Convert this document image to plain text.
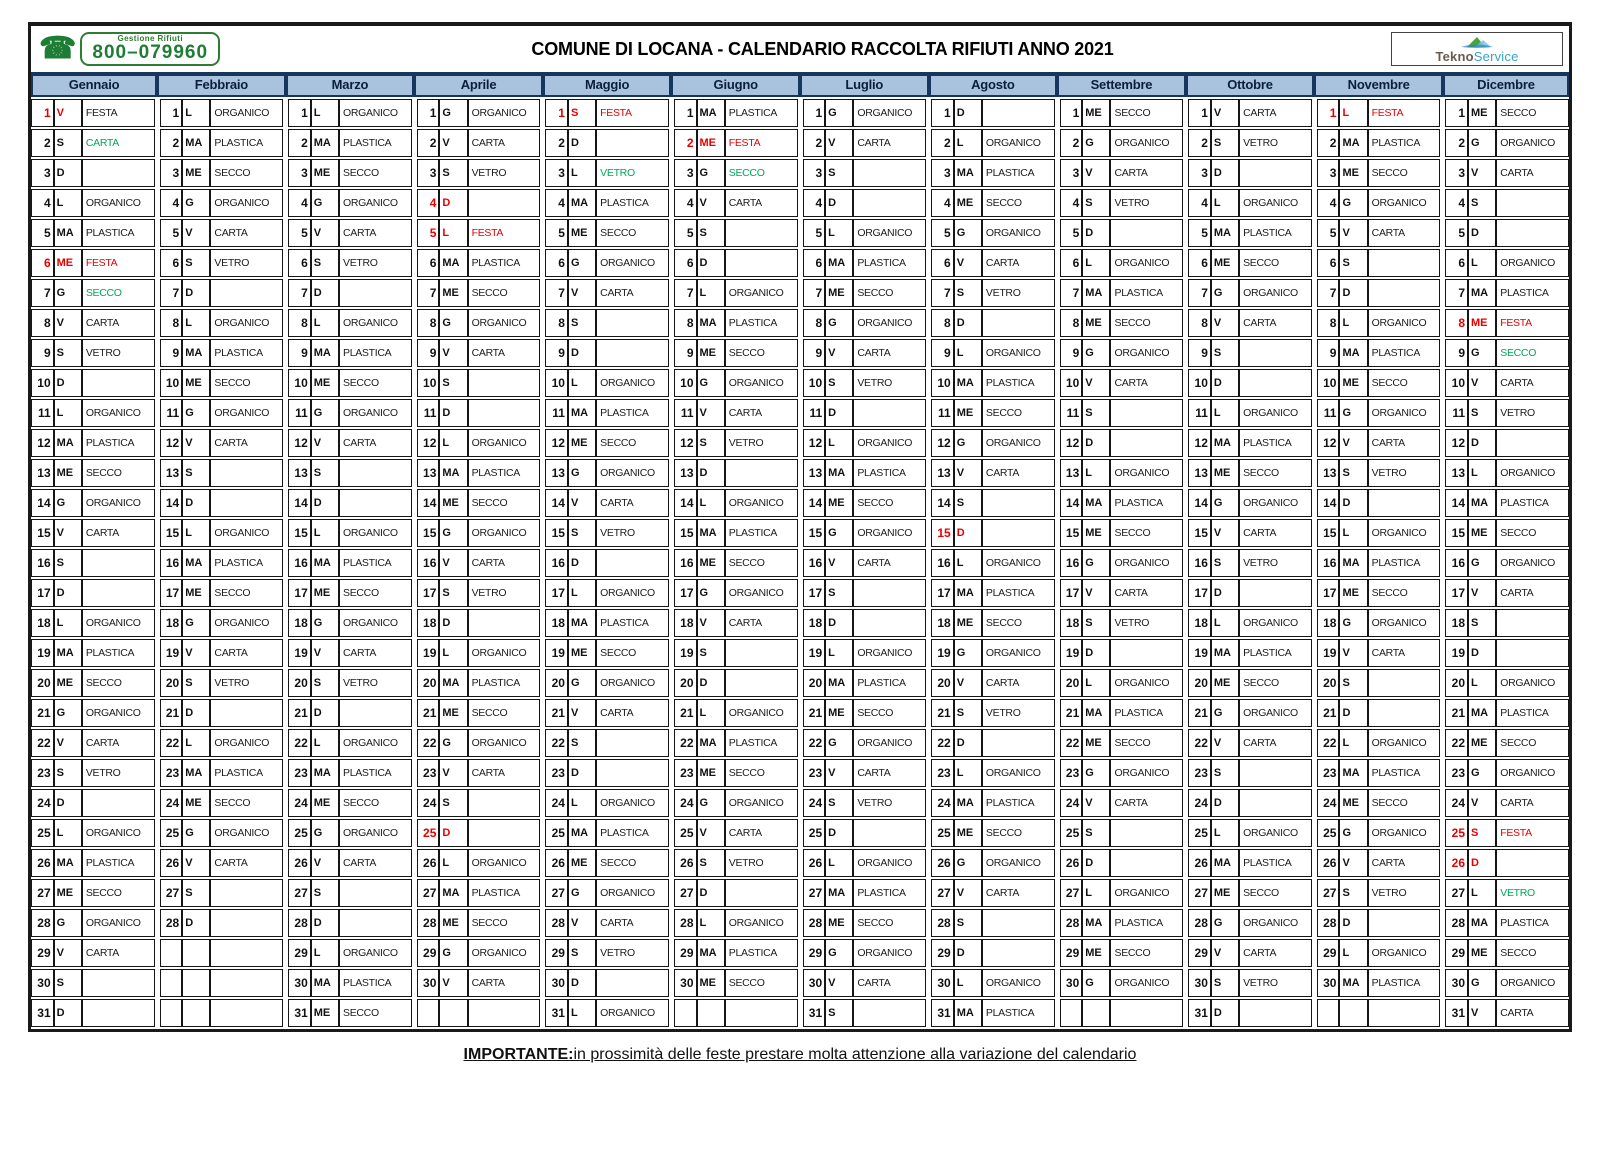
☎	Gestione Rifiuti
800–079960	COMUNE DI LOCANA - CALENDARIO RACCOLTA RIFIUTI ANNO 2021	TeknoService
Gennaio
1	V	FESTA
2	S	CARTA
3	D	
4	L	ORGANICO
5	MA	PLASTICA
6	ME	FESTA
7	G	SECCO
8	V	CARTA
9	S	VETRO
10	D	
11	L	ORGANICO
12	MA	PLASTICA
13	ME	SECCO
14	G	ORGANICO
15	V	CARTA
16	S	
17	D	
18	L	ORGANICO
19	MA	PLASTICA
20	ME	SECCO
21	G	ORGANICO
22	V	CARTA
23	S	VETRO
24	D	
25	L	ORGANICO
26	MA	PLASTICA
27	ME	SECCO
28	G	ORGANICO
29	V	CARTA
30	S	
31	D	
Febbraio
1	L	ORGANICO
2	MA	PLASTICA
3	ME	SECCO
4	G	ORGANICO
5	V	CARTA
6	S	VETRO
7	D	
8	L	ORGANICO
9	MA	PLASTICA
10	ME	SECCO
11	G	ORGANICO
12	V	CARTA
13	S	
14	D	
15	L	ORGANICO
16	MA	PLASTICA
17	ME	SECCO
18	G	ORGANICO
19	V	CARTA
20	S	VETRO
21	D	
22	L	ORGANICO
23	MA	PLASTICA
24	ME	SECCO
25	G	ORGANICO
26	V	CARTA
27	S	
28	D	

Marzo
1	L	ORGANICO
2	MA	PLASTICA
3	ME	SECCO
4	G	ORGANICO
5	V	CARTA
6	S	VETRO
7	D	
8	L	ORGANICO
9	MA	PLASTICA
10	ME	SECCO
11	G	ORGANICO
12	V	CARTA
13	S	
14	D	
15	L	ORGANICO
16	MA	PLASTICA
17	ME	SECCO
18	G	ORGANICO
19	V	CARTA
20	S	VETRO
21	D	
22	L	ORGANICO
23	MA	PLASTICA
24	ME	SECCO
25	G	ORGANICO
26	V	CARTA
27	S	
28	D	
29	L	ORGANICO
30	MA	PLASTICA
31	ME	SECCO
Aprile
1	G	ORGANICO
2	V	CARTA
3	S	VETRO
4	D	
5	L	FESTA
6	MA	PLASTICA
7	ME	SECCO
8	G	ORGANICO
9	V	CARTA
10	S	
11	D	
12	L	ORGANICO
13	MA	PLASTICA
14	ME	SECCO
15	G	ORGANICO
16	V	CARTA
17	S	VETRO
18	D	
19	L	ORGANICO
20	MA	PLASTICA
21	ME	SECCO
22	G	ORGANICO
23	V	CARTA
24	S	
25	D	
26	L	ORGANICO
27	MA	PLASTICA
28	ME	SECCO
29	G	ORGANICO
30	V	CARTA

Maggio
1	S	FESTA
2	D	
3	L	VETRO
4	MA	PLASTICA
5	ME	SECCO
6	G	ORGANICO
7	V	CARTA
8	S	
9	D	
10	L	ORGANICO
11	MA	PLASTICA
12	ME	SECCO
13	G	ORGANICO
14	V	CARTA
15	S	VETRO
16	D	
17	L	ORGANICO
18	MA	PLASTICA
19	ME	SECCO
20	G	ORGANICO
21	V	CARTA
22	S	
23	D	
24	L	ORGANICO
25	MA	PLASTICA
26	ME	SECCO
27	G	ORGANICO
28	V	CARTA
29	S	VETRO
30	D	
31	L	ORGANICO
Giugno
1	MA	PLASTICA
2	ME	FESTA
3	G	SECCO
4	V	CARTA
5	S	
6	D	
7	L	ORGANICO
8	MA	PLASTICA
9	ME	SECCO
10	G	ORGANICO
11	V	CARTA
12	S	VETRO
13	D	
14	L	ORGANICO
15	MA	PLASTICA
16	ME	SECCO
17	G	ORGANICO
18	V	CARTA
19	S	
20	D	
21	L	ORGANICO
22	MA	PLASTICA
23	ME	SECCO
24	G	ORGANICO
25	V	CARTA
26	S	VETRO
27	D	
28	L	ORGANICO
29	MA	PLASTICA
30	ME	SECCO

Luglio
1	G	ORGANICO
2	V	CARTA
3	S	
4	D	
5	L	ORGANICO
6	MA	PLASTICA
7	ME	SECCO
8	G	ORGANICO
9	V	CARTA
10	S	VETRO
11	D	
12	L	ORGANICO
13	MA	PLASTICA
14	ME	SECCO
15	G	ORGANICO
16	V	CARTA
17	S	
18	D	
19	L	ORGANICO
20	MA	PLASTICA
21	ME	SECCO
22	G	ORGANICO
23	V	CARTA
24	S	VETRO
25	D	
26	L	ORGANICO
27	MA	PLASTICA
28	ME	SECCO
29	G	ORGANICO
30	V	CARTA
31	S	
Agosto
1	D	
2	L	ORGANICO
3	MA	PLASTICA
4	ME	SECCO
5	G	ORGANICO
6	V	CARTA
7	S	VETRO
8	D	
9	L	ORGANICO
10	MA	PLASTICA
11	ME	SECCO
12	G	ORGANICO
13	V	CARTA
14	S	
15	D	
16	L	ORGANICO
17	MA	PLASTICA
18	ME	SECCO
19	G	ORGANICO
20	V	CARTA
21	S	VETRO
22	D	
23	L	ORGANICO
24	MA	PLASTICA
25	ME	SECCO
26	G	ORGANICO
27	V	CARTA
28	S	
29	D	
30	L	ORGANICO
31	MA	PLASTICA
Settembre
1	ME	SECCO
2	G	ORGANICO
3	V	CARTA
4	S	VETRO
5	D	
6	L	ORGANICO
7	MA	PLASTICA
8	ME	SECCO
9	G	ORGANICO
10	V	CARTA
11	S	
12	D	
13	L	ORGANICO
14	MA	PLASTICA
15	ME	SECCO
16	G	ORGANICO
17	V	CARTA
18	S	VETRO
19	D	
20	L	ORGANICO
21	MA	PLASTICA
22	ME	SECCO
23	G	ORGANICO
24	V	CARTA
25	S	
26	D	
27	L	ORGANICO
28	MA	PLASTICA
29	ME	SECCO
30	G	ORGANICO

Ottobre
1	V	CARTA
2	S	VETRO
3	D	
4	L	ORGANICO
5	MA	PLASTICA
6	ME	SECCO
7	G	ORGANICO
8	V	CARTA
9	S	
10	D	
11	L	ORGANICO
12	MA	PLASTICA
13	ME	SECCO
14	G	ORGANICO
15	V	CARTA
16	S	VETRO
17	D	
18	L	ORGANICO
19	MA	PLASTICA
20	ME	SECCO
21	G	ORGANICO
22	V	CARTA
23	S	
24	D	
25	L	ORGANICO
26	MA	PLASTICA
27	ME	SECCO
28	G	ORGANICO
29	V	CARTA
30	S	VETRO
31	D	
Novembre
1	L	FESTA
2	MA	PLASTICA
3	ME	SECCO
4	G	ORGANICO
5	V	CARTA
6	S	
7	D	
8	L	ORGANICO
9	MA	PLASTICA
10	ME	SECCO
11	G	ORGANICO
12	V	CARTA
13	S	VETRO
14	D	
15	L	ORGANICO
16	MA	PLASTICA
17	ME	SECCO
18	G	ORGANICO
19	V	CARTA
20	S	
21	D	
22	L	ORGANICO
23	MA	PLASTICA
24	ME	SECCO
25	G	ORGANICO
26	V	CARTA
27	S	VETRO
28	D	
29	L	ORGANICO
30	MA	PLASTICA

Dicembre
1	ME	SECCO
2	G	ORGANICO
3	V	CARTA
4	S	
5	D	
6	L	ORGANICO
7	MA	PLASTICA
8	ME	FESTA
9	G	SECCO
10	V	CARTA
11	S	VETRO
12	D	
13	L	ORGANICO
14	MA	PLASTICA
15	ME	SECCO
16	G	ORGANICO
17	V	CARTA
18	S	
19	D	
20	L	ORGANICO
21	MA	PLASTICA
22	ME	SECCO
23	G	ORGANICO
24	V	CARTA
25	S	FESTA
26	D	
27	L	VETRO
28	MA	PLASTICA
29	ME	SECCO
30	G	ORGANICO
31	V	CARTA
IMPORTANTE:in prossimità delle feste prestare molta attenzione alla variazione del calendario
